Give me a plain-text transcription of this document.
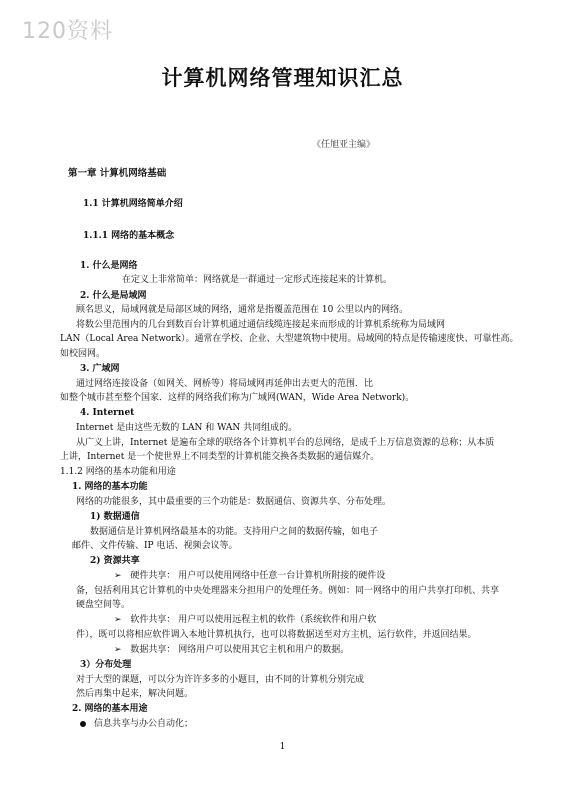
120资料
计算机网络管理知识汇总
《任旭亚主编》
第一章 计算机网络基础
1.1 计算机网络简单介绍
1.1.1 网络的基本概念
1. 什么是网络
在定义上非常简单：网络就是一群通过一定形式连接起来的计算机。
2. 什么是局域网
顾名思义，局域网就是局部区域的网络，通常是指覆盖范围在 10 公里以内的网络。
将数公里范围内的几台到数百台计算机通过通信线缆连接起来而形成的计算机系统称为局域网
LAN（Local Area Network）。通常在学校、企业、大型建筑物中使用。局域网的特点是传输速度快、可靠性高。
如校园网。
3. 广域网
通过网络连接设备（如网关、网桥等）将局域网再延伸出去更大的范围．比
如整个城市甚至整个国家．这样的网络我们称为广域网(WAN，Wide Area Network)。
4. Internet
Internet 是由这些无数的 LAN 和 WAN 共同组成的。
从广义上讲，Internet 是遍布全球的联络各个计算机平台的总网络，是成千上万信息资源的总称；从本质
上讲，Internet 是一个使世界上不同类型的计算机能交换各类数据的通信媒介。
1.1.2 网络的基本功能和用途
1. 网络的基本功能
网络的功能很多，其中最重要的三个功能是：数据通信、资源共享、分布处理。
1) 数据通信
数据通信是计算机网络最基本的功能。支持用户之间的数据传输，如电子
邮件、文件传输、IP 电话、视频会议等。
2) 资源共享
➢ 硬件共享： 用户可以使用网络中任意一台计算机所附接的硬件设
备，包括利用其它计算机的中央处理器来分担用户的处理任务。例如：同一网络中的用户共享打印机、共享
硬盘空间等。
➢ 软件共享： 用户可以使用远程主机的软件（系统软件和用户软
件），既可以将相应软件调入本地计算机执行，也可以将数据送至对方主机，运行软件，并返回结果。
➢ 数据共享： 网络用户可以使用其它主机和用户的数据。
3）分布处理
对于大型的课题，可以分为许许多多的小题目，由不同的计算机分别完成
然后再集中起来，解决问题。
2. 网络的基本用途
信息共享与办公自动化；
1
